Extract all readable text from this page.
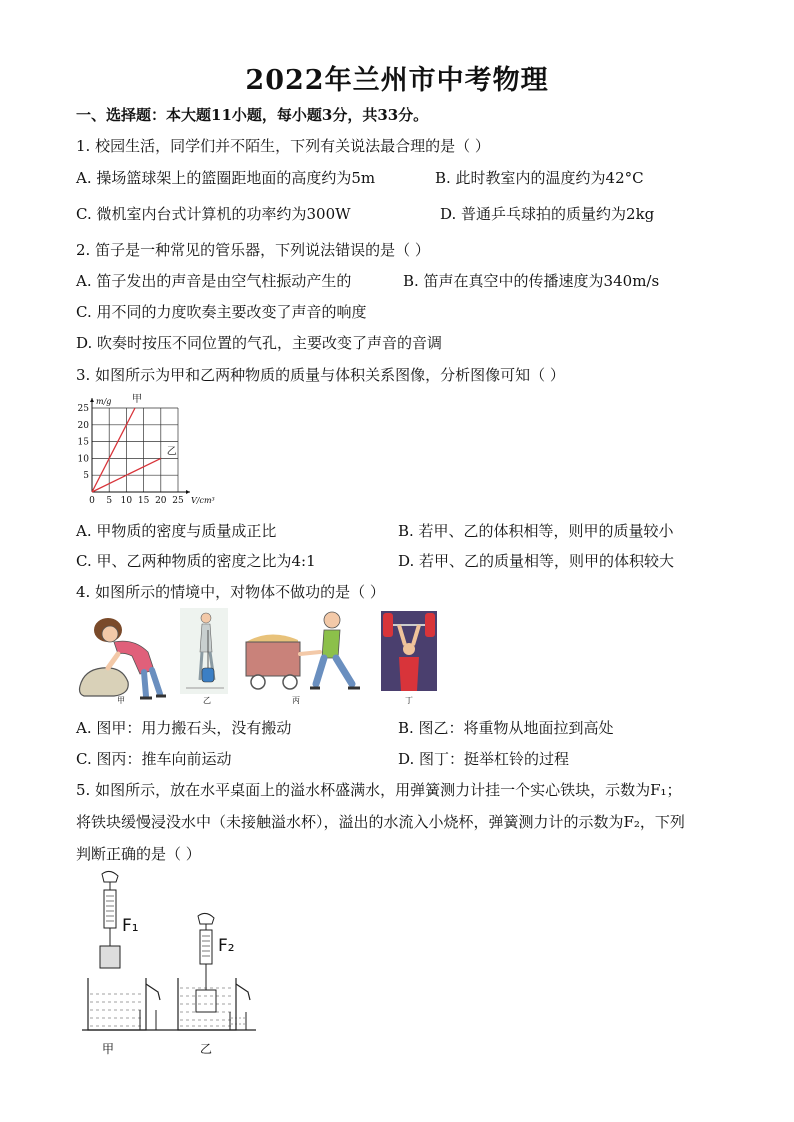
2022年兰州市中考物理
一、选择题：本大题11小题，每小题3分，共33分。
1. 校园生活，同学们并不陌生，下列有关说法最合理的是（ ）
A. 操场篮球架上的篮圈距地面的高度约为5m	B. 此时教室内的温度约为42°C
C. 微机室内台式计算机的功率约为300W	D. 普通乒乓球拍的质量约为2kg
2. 笛子是一种常见的管乐器，下列说法错误的是（ ）
A. 笛子发出的声音是由空气柱振动产生的	B. 笛声在真空中的传播速度为340m/s
C. 用不同的力度吹奏主要改变了声音的响度
D. 吹奏时按压不同位置的气孔，主要改变了声音的音调
3. 如图所示为甲和乙两种物质的质量与体积关系图像，分析图像可知（ ）
0 5 10 15 20 25
5
10
15
20
25
V/cm³
m/g 甲
乙
A. 甲物质的密度与质量成正比	B. 若甲、乙的体积相等，则甲的质量较小
C. 甲、乙两种物质的密度之比为4:1	D. 若甲、乙的质量相等，则甲的体积较大
4. 如图所示的情境中，对物体不做功的是（ ）
甲	乙	丙	丁
A. 图甲：用力搬石头，没有搬动	B. 图乙：将重物从地面拉到高处
C. 图丙：推车向前运动	D. 图丁：挺举杠铃的过程
5. 如图所示，放在水平桌面上的溢水杯盛满水，用弹簧测力计挂一个实心铁块，示数为F₁；
将铁块缓慢浸没水中（未接触溢水杯），溢出的水流入小烧杯，弹簧测力计的示数为F₂，下列
判断正确的是（ ）
F₁
F₂
甲	乙
